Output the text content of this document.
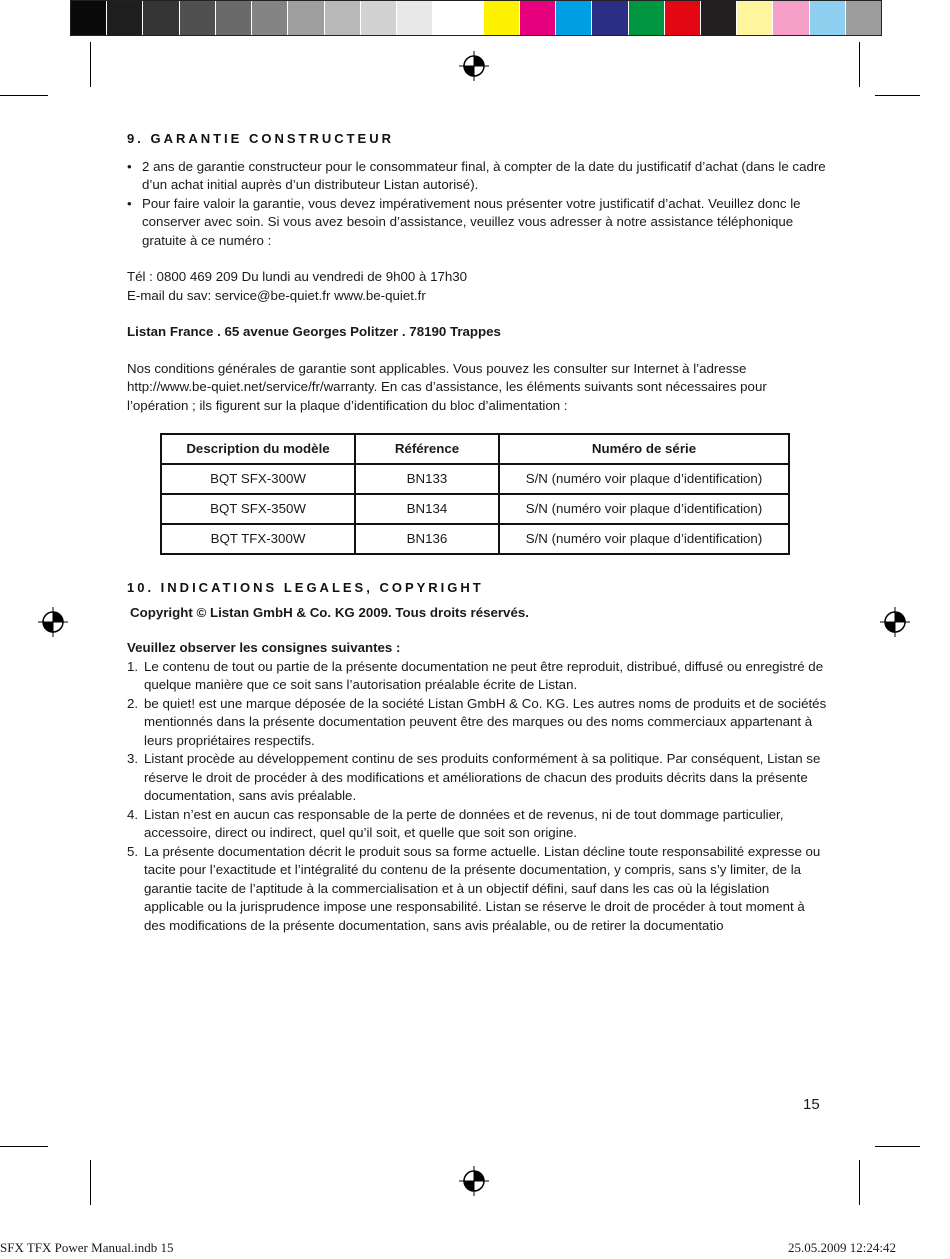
9. GARANTIE CONSTRUCTEUR
• 2 ans de garantie constructeur pour le consommateur final, à compter de la date du justificatif d’achat (dans le cadre d’un achat initial auprès d’un distributeur Listan autorisé).
• Pour faire valoir la garantie, vous devez impérativement nous présenter votre justificatif d’achat. Veuillez donc le conserver avec soin. Si vous avez besoin d’assistance, veuillez vous adresser à notre assistance téléphonique gratuite à ce numéro :

Tél : 0800 469 209 Du lundi au vendredi de 9h00 à 17h30

E-mail du sav: service@be-quiet.fr www.be-quiet.fr

Listan France . 65 avenue Georges Politzer . 78190 Trappes

Nos conditions générales de garantie sont applicables. Vous pouvez les consulter sur Internet à l’adresse http://www.be-quiet.net/service/fr/warranty. En cas d’assistance, les éléments suivants sont nécessaires pour l’opération ; ils figurent sur la plaque d’identification du bloc d’alimentation :

Description du modèle	Référence	Numéro de série
BQT SFX-300W	BN133	S/N (numéro voir plaque d’identification)
BQT SFX-350W	BN134	S/N (numéro voir plaque d’identification)
BQT TFX-300W	BN136	S/N (numéro voir plaque d’identification)
10. INDICATIONS LEGALES, COPYRIGHT

Copyright © Listan GmbH & Co. KG 2009. Tous droits réservés.

Veuillez observer les consignes suivantes :

1. Le contenu de tout ou partie de la présente documentation ne peut être reproduit, distribué, diffusé ou enregistré de quelque manière que ce soit sans l’autorisation préalable écrite de Listan.
2. be quiet! est une marque déposée de la société Listan GmbH & Co. KG. Les autres noms de produits et de sociétés mentionnés dans la présente documentation peuvent être des marques ou des noms commerciaux appartenant à leurs propriétaires respectifs.
3. Listant procède au développement continu de ses produits conformément à sa politique. Par conséquent, Listan se réserve le droit de procéder à des modifications et améliorations de chacun des produits décrits dans la présente documentation, sans avis préalable.
4. Listan n’est en aucun cas responsable de la perte de données et de revenus, ni de tout dommage particulier, accessoire, direct ou indirect, quel qu’il soit, et quelle que soit son origine.
5. La présente documentation décrit le produit sous sa forme actuelle. Listan décline toute responsabilité expresse ou tacite pour l’exactitude et l’intégralité du contenu de la présente documentation, y compris, sans s’y limiter, de la garantie tacite de l’aptitude à la commercialisation et à un objectif défini, sauf dans les cas où la législation applicable ou la jurisprudence impose une responsabilité. Listan se réserve le droit de procéder à tout moment à des modifications de la présente documentation, sans avis préalable, ou de retirer la documentatio
15
SFX TFX Power Manual.indb 15	25.05.2009 12:24:42
